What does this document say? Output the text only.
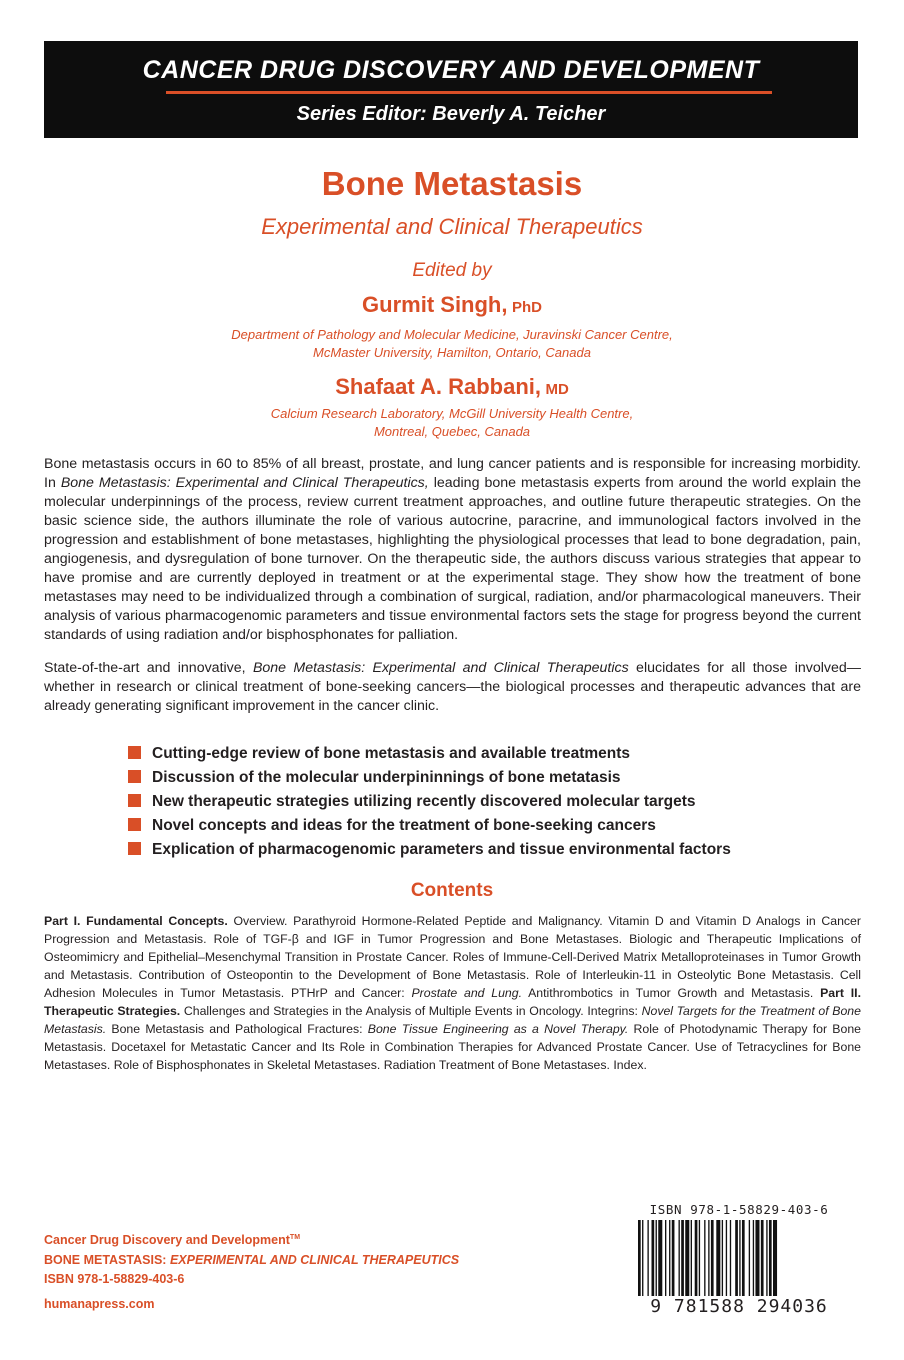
CANCER DRUG DISCOVERY AND DEVELOPMENT
Series Editor: Beverly A. Teicher
Bone Metastasis
Experimental and Clinical Therapeutics
Edited by
Gurmit Singh, PhD
Department of Pathology and Molecular Medicine, Juravinski Cancer Centre,
McMaster University, Hamilton, Ontario, Canada
Shafaat A. Rabbani, MD
Calcium Research Laboratory, McGill University Health Centre,
Montreal, Quebec, Canada

Bone metastasis occurs in 60 to 85% of all breast, prostate, and lung cancer patients and is responsible for increasing morbidity. In Bone Metastasis: Experimental and Clinical Therapeutics, leading bone metastasis experts from around the world explain the molecular underpinnings of the process, review current treatment approaches, and outline future therapeutic strategies. On the basic science side, the authors illuminate the role of various autocrine, paracrine, and immunological factors involved in the progression and establishment of bone metastases, highlighting the physiological processes that lead to bone degradation, pain, angiogenesis, and dysregulation of bone turnover. On the therapeutic side, the authors discuss various strategies that appear to have promise and are currently deployed in treatment or at the experimental stage. They show how the treatment of bone metastases may need to be individualized through a combination of surgical, radiation, and/or pharmacological maneuvers. Their analysis of various pharmacogenomic parameters and tissue environmental factors sets the stage for progress beyond the current standards of using radiation and/or bisphosphonates for palliation.

State-of-the-art and innovative, Bone Metastasis: Experimental and Clinical Therapeutics elucidates for all those involved—whether in research or clinical treatment of bone-seeking cancers—the biological processes and therapeutic advances that are already generating significant improvement in the cancer clinic.

Cutting-edge review of bone metastasis and available treatments
Discussion of the molecular underpininnings of bone metatasis
New therapeutic strategies utilizing recently discovered molecular targets
Novel concepts and ideas for the treatment of bone-seeking cancers
Explication of pharmacogenomic parameters and tissue environmental factors
Contents

Part I. Fundamental Concepts. Overview. Parathyroid Hormone-Related Peptide and Malignancy. Vitamin D and Vitamin D Analogs in Cancer Progression and Metastasis. Role of TGF-β and IGF in Tumor Progression and Bone Metastases. Biologic and Therapeutic Implications of Osteomimicry and Epithelial–Mesenchymal Transition in Prostate Cancer. Roles of Immune-Cell-Derived Matrix Metalloproteinases in Tumor Growth and Metastasis. Contribution of Osteopontin to the Development of Bone Metastasis. Role of Interleukin-11 in Osteolytic Bone Metastasis. Cell Adhesion Molecules in Tumor Metastasis. PTHrP and Cancer: Prostate and Lung. Antithrombotics in Tumor Growth and Metastasis. Part II. Therapeutic Strategies. Challenges and Strategies in the Analysis of Multiple Events in Oncology. Integrins: Novel Targets for the Treatment of Bone Metastasis. Bone Metastasis and Pathological Fractures: Bone Tissue Engineering as a Novel Therapy. Role of Photodynamic Therapy for Bone Metastasis. Docetaxel for Metastatic Cancer and Its Role in Combination Therapies for Advanced Prostate Cancer. Use of Tetracyclines for Bone Metastases. Role of Bisphosphonates in Skeletal Metastases. Radiation Treatment of Bone Metastases. Index.

Cancer Drug Discovery and Development™
BONE METASTASIS: EXPERIMENTAL AND CLINICAL THERAPEUTICS
ISBN 978-1-58829-403-6
humanapress.com
ISBN 978-1-58829-403-6
9 781588 294036
